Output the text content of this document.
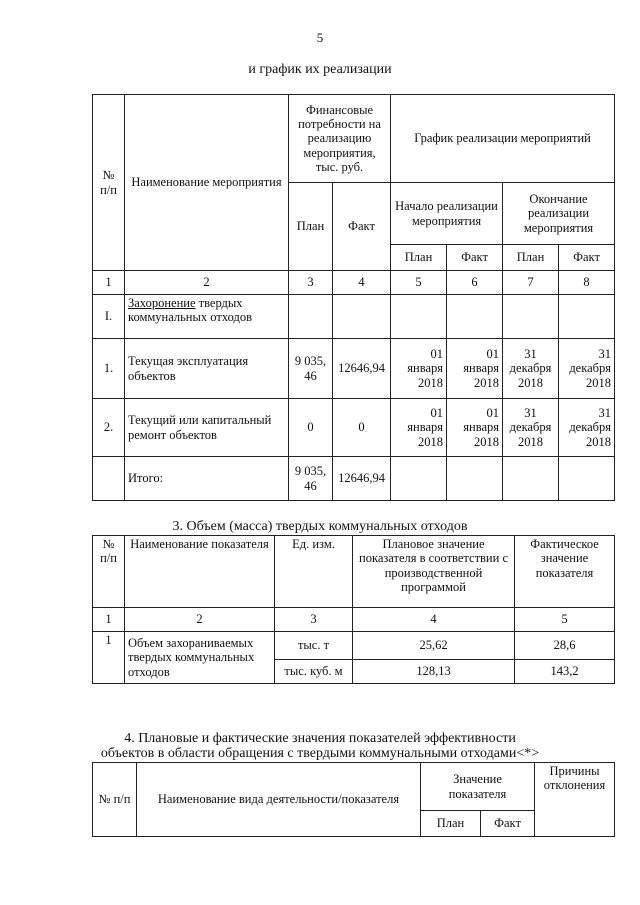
5
и график их реализации
№ п/п	Наименование мероприятия	Финансовые потребности на реализацию мероприятия, тыс. руб.		График реализации мероприятий			
		План	Факт	Начало реализации мероприятия		Окончание реализации мероприятия	
				План	Факт	План	Факт
1	2	3	4	5	6	7	8
I.	Захоронение твердых коммунальных отходов						
1.	Текущая эксплуатация объектов	9 035, 46	12646,94	01 января 2018	01 января 2018	31 декабря 2018	31 декабря 2018
2.	Текущий или капитальный ремонт объектов	0	0	01 января 2018	01 января 2018	31 декабря 2018	31 декабря 2018
	Итого:	9 035, 46	12646,94				
3. Объем (масса) твердых коммунальных отходов
№ п/п	Наименование показателя	Ед. изм.	Плановое значение показателя в соответствии с производственной программой	Фактическое значение показателя
1	2	3	4	5
1	Объем захораниваемых твердых коммунальных отходов	тыс. т	25,62	28,6
		тыс. куб. м	128,13	143,2
4. Плановые и фактические значения показателей эффективности
объектов в области обращения с твердыми коммунальными отходами<*>
№ п/п	Наименование вида деятельности/показателя	Значение показателя		Причины отклонения
		План	Факт	
